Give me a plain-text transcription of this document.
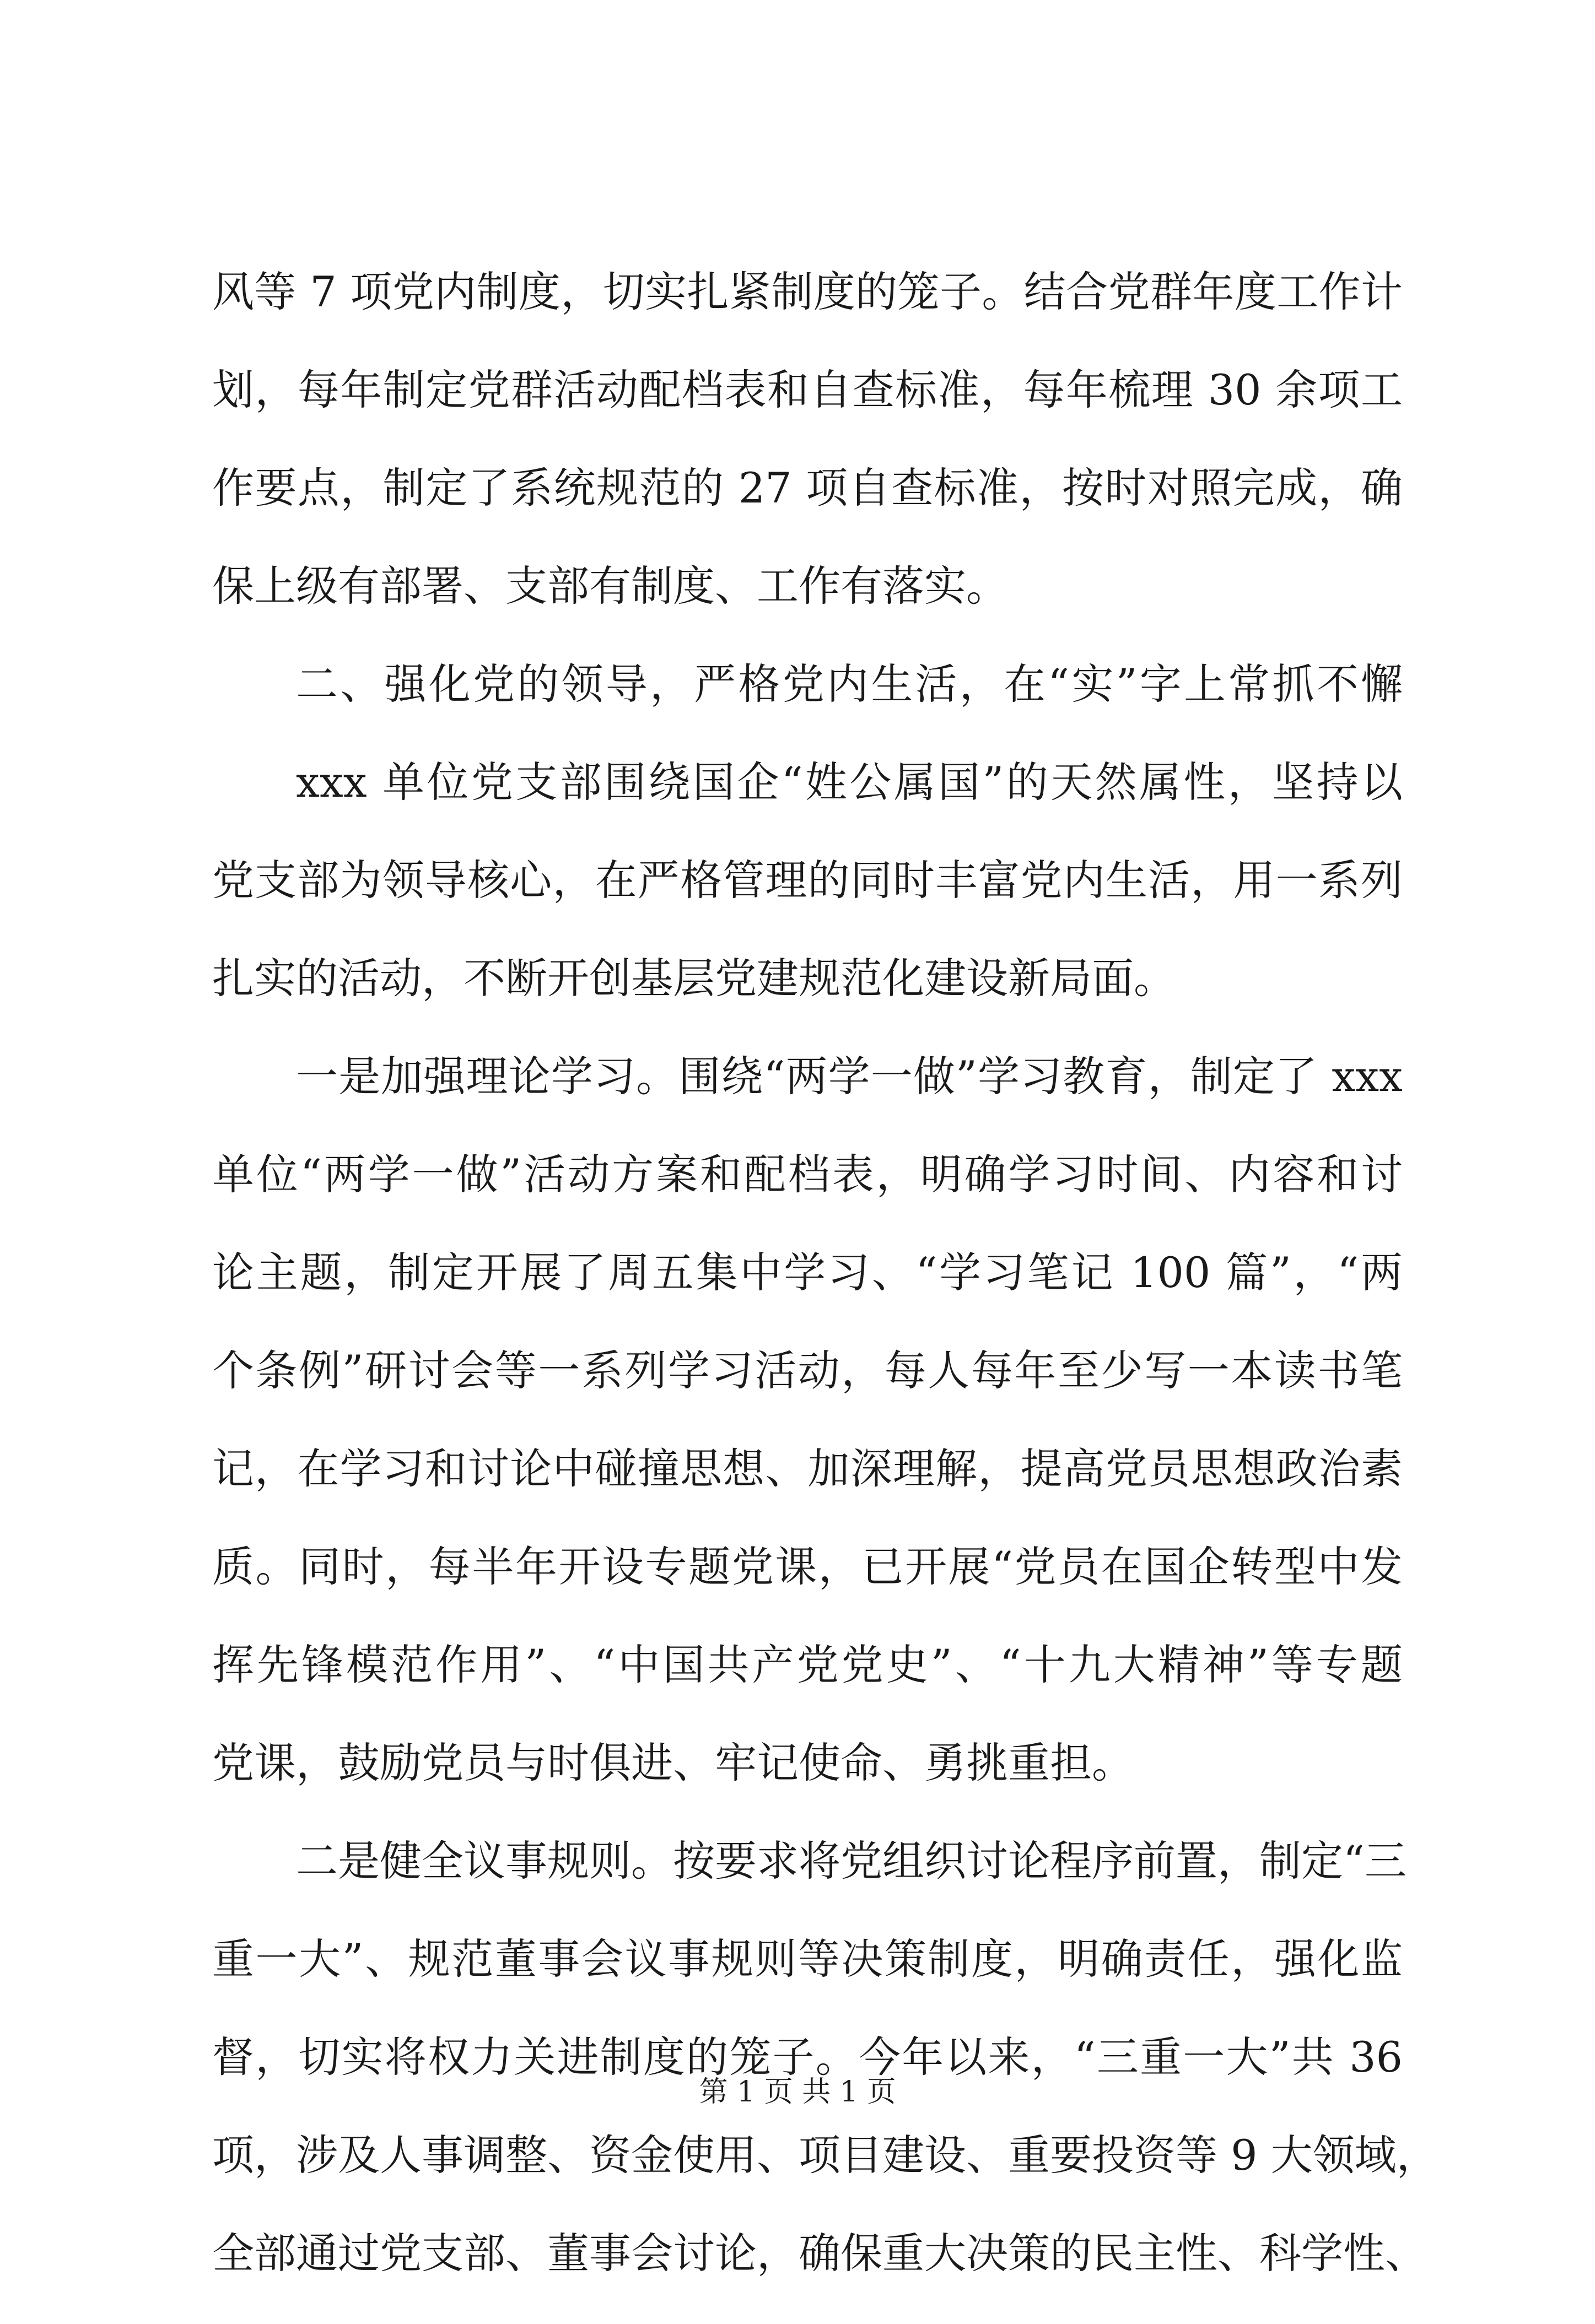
风等 7 项党内制度，切实扎紧制度的笼子。结合党群年度工作计
划，每年制定党群活动配档表和自查标准，每年梳理 30 余项工
作要点，制定了系统规范的 27 项自查标准，按时对照完成，确
保上级有部署、支部有制度、工作有落实。
二、强化党的领导，严格党内生活，在“实”字上常抓不懈
xxx 单位党支部围绕国企“姓公属国”的天然属性，坚持以
党支部为领导核心，在严格管理的同时丰富党内生活，用一系列
扎实的活动，不断开创基层党建规范化建设新局面。
一是加强理论学习。围绕“两学一做”学习教育，制定了 xxx
单位“两学一做”活动方案和配档表，明确学习时间、内容和讨
论主题，制定开展了周五集中学习、“学习笔记 100 篇”，“两
个条例”研讨会等一系列学习活动，每人每年至少写一本读书笔
记，在学习和讨论中碰撞思想、加深理解，提高党员思想政治素
质。同时，每半年开设专题党课，已开展“党员在国企转型中发
挥先锋模范作用”、“中国共产党党史”、“十九大精神”等专题
党课，鼓励党员与时俱进、牢记使命、勇挑重担。
二是健全议事规则。按要求将党组织讨论程序前置，制定“三
重一大”、规范董事会议事规则等决策制度，明确责任，强化监
督，切实将权力关进制度的笼子。今年以来，“三重一大”共 36
项，涉及人事调整、资金使用、项目建设、重要投资等 9 大领域，
全部通过党支部、董事会讨论，确保重大决策的民主性、科学性、
第 1 页 共 1 页
